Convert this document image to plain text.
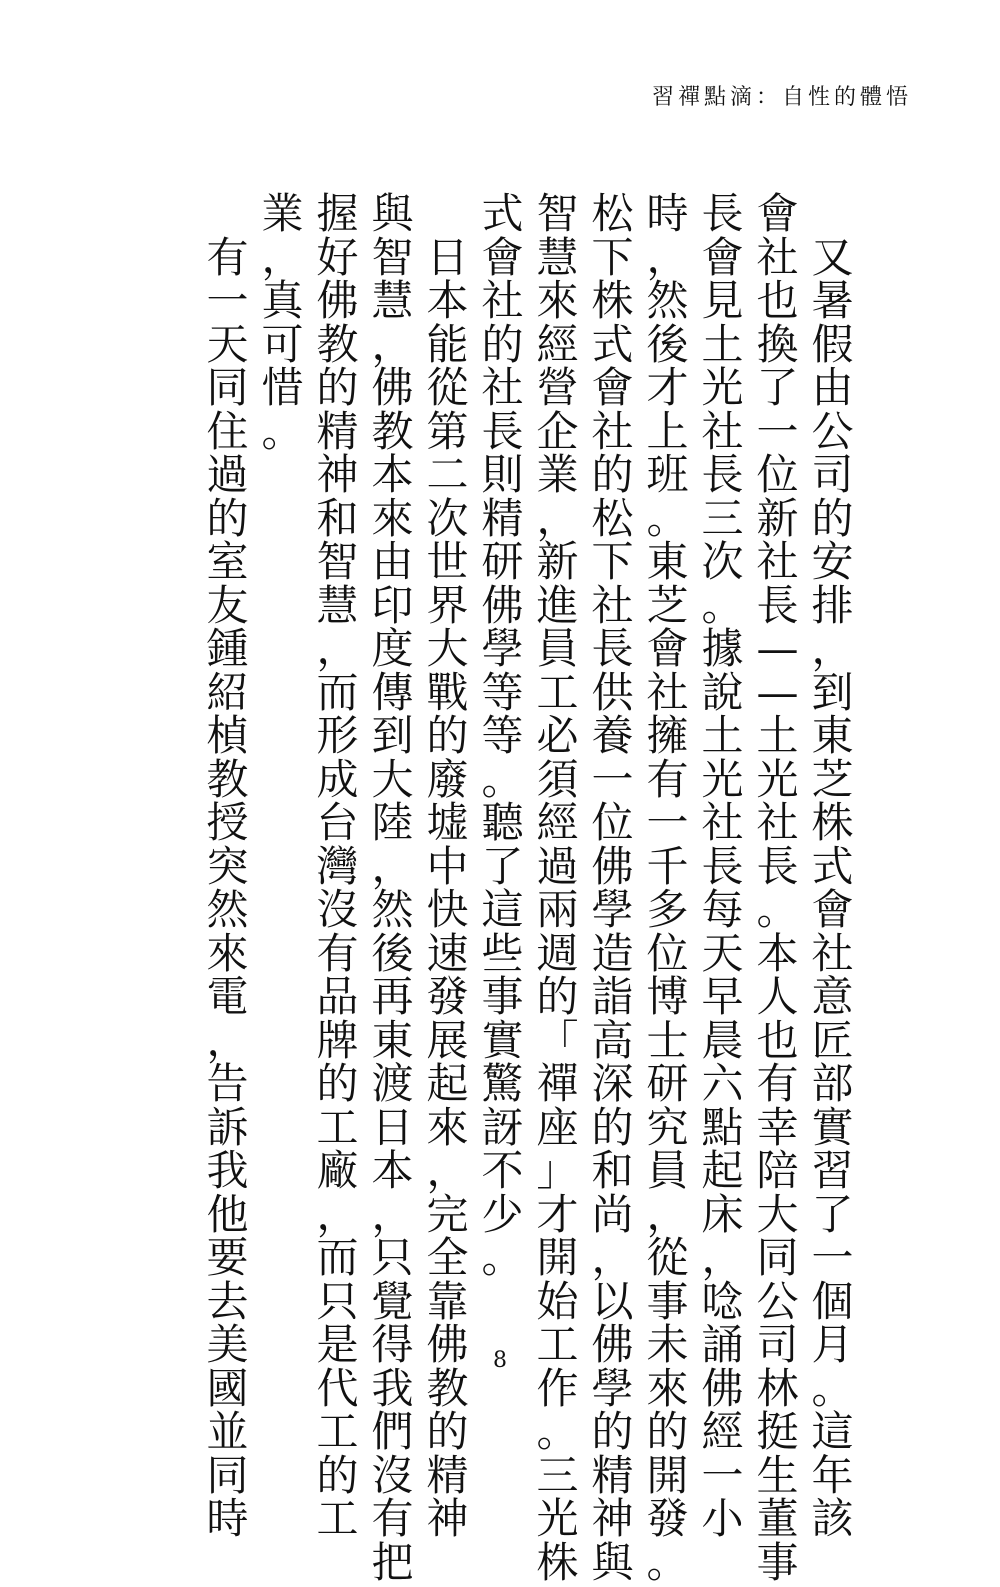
習禪點滴：自性的體悟

又
暑
假
由
公
司
的
安
排
，
到
東
芝
株
式
會
社
意
匠
部
實
習
了
一
個
月
。
這
年
該
會
社
也
換
了
一
位
新
社
長
—
—
土
光
社
長
。
本
人
也
有
幸
陪
大
同
公
司
林
挺
生
董
事
長
會
見
土
光
社
長
三
次
。
據
說
土
光
社
長
每
天
早
晨
六
點
起
床
，
唸
誦
佛
經
一
小
時
，
然
後
才
上
班
。
東
芝
會
社
擁
有
一
千
多
位
博
士
研
究
員
，
從
事
未
來
的
開
發
。
松
下
株
式
會
社
的
松
下
社
長
供
養
一
位
佛
學
造
詣
高
深
的
和
尚
，
以
佛
學
的
精
神
與
智
慧
來
經
營
企
業
，
新
進
員
工
必
須
經
過
兩
週
的
「
禪
座
」
才
開
始
工
作
。
三
光
株
式
會
社
的
社
長
則
精
研
佛
學
等
等
。
聽
了
這
些
事
實
驚
訝
不
少
。

日
本
能
從
第
二
次
世
界
大
戰
的
廢
墟
中
快
速
發
展
起
來
，
完
全
靠
佛
教
的
精
神
與
智
慧
，
佛
教
本
來
由
印
度
傳
到
大
陸
，
然
後
再
東
渡
日
本
，
只
覺
得
我
們
沒
有
把
握
好
佛
教
的
精
神
和
智
慧
，
而
形
成
台
灣
沒
有
品
牌
的
工
廠
，
而
只
是
代
工
的
工
業
，
真
可
惜
。

有
一
天
同
住
過
的
室
友
鍾
紹
楨
教
授
突
然
來
電
，
告
訴
我
他
要
去
美
國
並
同
時
8
